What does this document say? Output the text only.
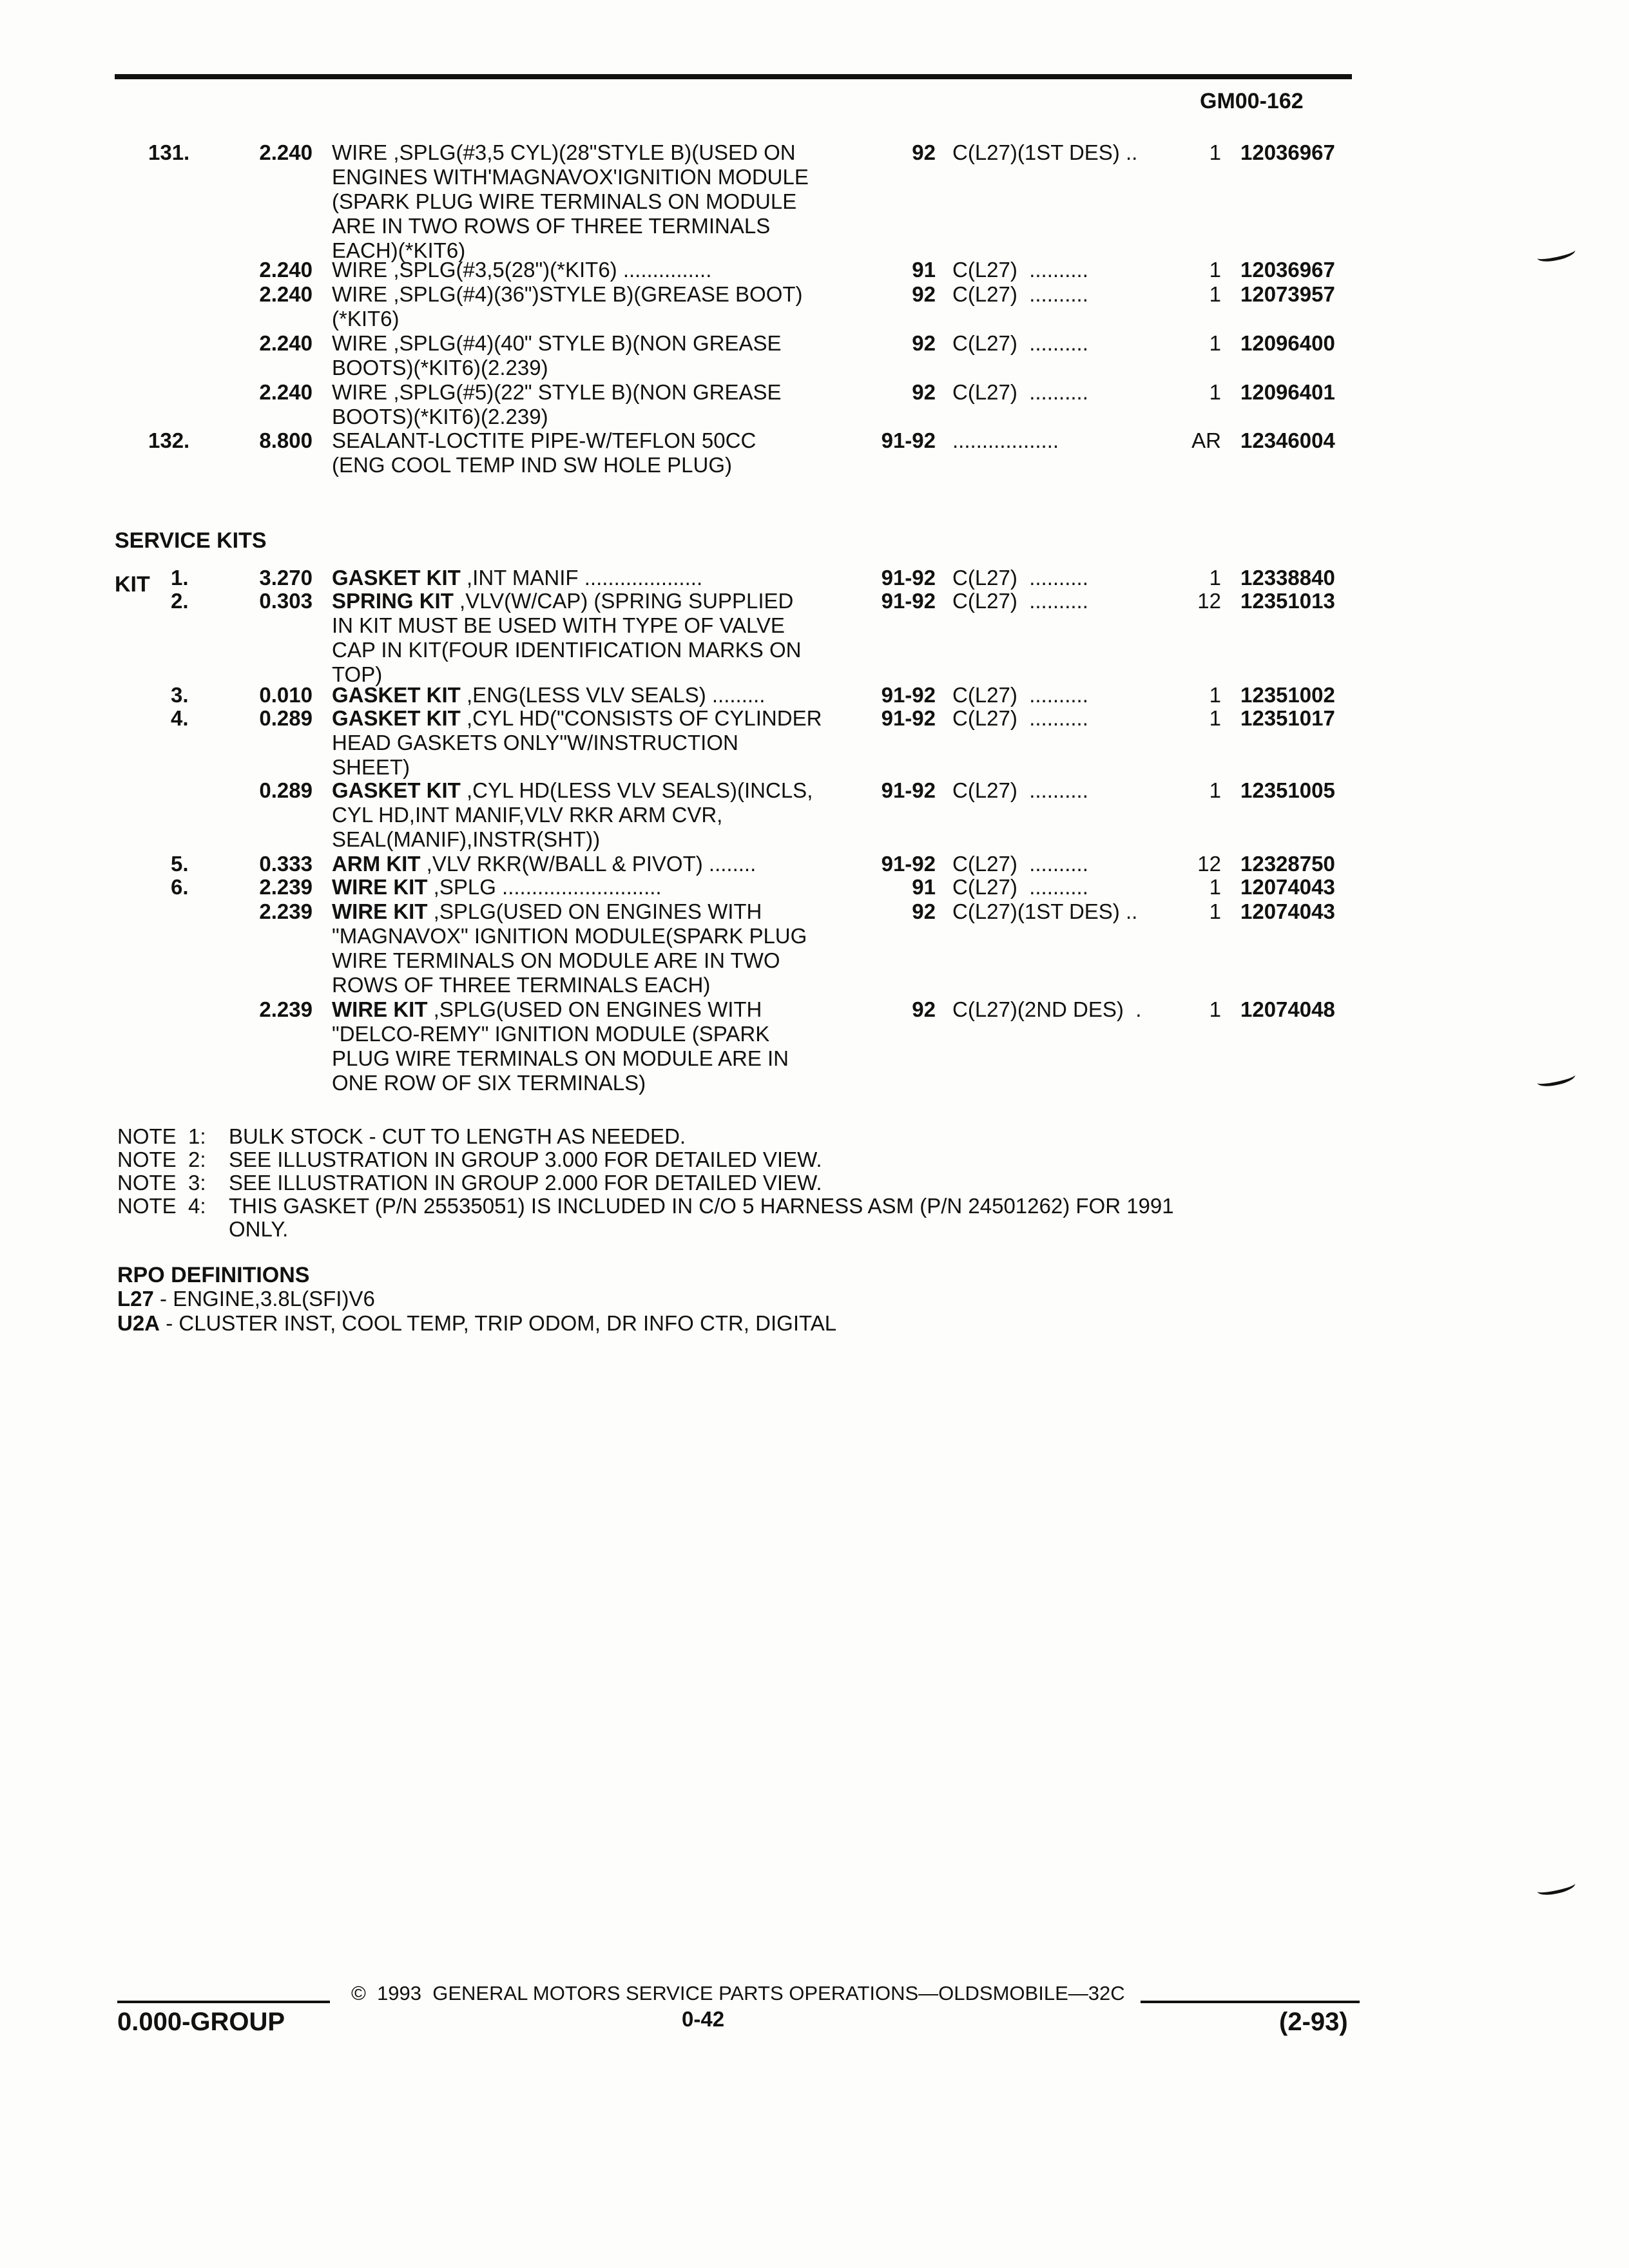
GM00-162
131.	2.240 WIRE ,SPLG(#3,5 CYL)(28"STYLE B)(USED ON
ENGINES WITH'MAGNAVOX'IGNITION MODULE
(SPARK PLUG WIRE TERMINALS ON MODULE
ARE IN TWO ROWS OF THREE TERMINALS
EACH)(*KIT6)
92 C(L27)(1ST DES) ..	1 12036967
2.240 WIRE ,SPLG(#3,5(28")(*KIT6) ...............	91 C(L27)  ..........	1 12036967
2.240 WIRE ,SPLG(#4)(36")STYLE B)(GREASE BOOT)
(*KIT6)
92 C(L27)  ..........	1 12073957
2.240 WIRE ,SPLG(#4)(40" STYLE B)(NON GREASE
BOOTS)(*KIT6)(2.239)
92 C(L27)  ..........	1 12096400
2.240 WIRE ,SPLG(#5)(22" STYLE B)(NON GREASE
BOOTS)(*KIT6)(2.239)
92 C(L27)  ..........	1 12096401
132.	8.800 SEALANT-LOCTITE PIPE-W/TEFLON 50CC
(ENG COOL TEMP IND SW HOLE PLUG)
91-92 ..................	AR 12346004
SERVICE KITS
KIT 1.	3.270 GASKET KIT ,INT MANIF ....................	91-92 C(L27)  ..........	1 12338840
2.	0.303 SPRING KIT ,VLV(W/CAP) (SPRING SUPPLIED
IN KIT MUST BE USED WITH TYPE OF VALVE
CAP IN KIT(FOUR IDENTIFICATION MARKS ON
TOP)
91-92 C(L27)  ..........	12 12351013
3.	0.010 GASKET KIT ,ENG(LESS VLV SEALS) .........	91-92 C(L27)  ..........	1 12351002
4.	0.289 GASKET KIT ,CYL HD("CONSISTS OF CYLINDER
HEAD GASKETS ONLY"W/INSTRUCTION
SHEET)
91-92 C(L27)  ..........	1 12351017
0.289 GASKET KIT ,CYL HD(LESS VLV SEALS)(INCLS,
CYL HD,INT MANIF,VLV RKR ARM CVR,
SEAL(MANIF),INSTR(SHT))
91-92 C(L27)  ..........	1 12351005
5.	0.333 ARM KIT ,VLV RKR(W/BALL & PIVOT) ........	91-92 C(L27)  ..........	12 12328750
6.	2.239 WIRE KIT ,SPLG ...........................	91 C(L27)  ..........	1 12074043
2.239 WIRE KIT ,SPLG(USED ON ENGINES WITH
"MAGNAVOX" IGNITION MODULE(SPARK PLUG
WIRE TERMINALS ON MODULE ARE IN TWO
ROWS OF THREE TERMINALS EACH)
92 C(L27)(1ST DES) ..	1 12074043
2.239 WIRE KIT ,SPLG(USED ON ENGINES WITH
"DELCO-REMY" IGNITION MODULE (SPARK
PLUG WIRE TERMINALS ON MODULE ARE IN
ONE ROW OF SIX TERMINALS)
92 C(L27)(2ND DES)  .	1 12074048
NOTE  1: BULK STOCK - CUT TO LENGTH AS NEEDED.
NOTE  2: SEE ILLUSTRATION IN GROUP 3.000 FOR DETAILED VIEW.
NOTE  3: SEE ILLUSTRATION IN GROUP 2.000 FOR DETAILED VIEW.
NOTE  4: THIS GASKET (P/N 25535051) IS INCLUDED IN C/O 5 HARNESS ASM (P/N 24501262) FOR 1991
ONLY.
RPO DEFINITIONS
L27 - ENGINE,3.8L(SFI)V6
U2A - CLUSTER INST, COOL TEMP, TRIP ODOM, DR INFO CTR, DIGITAL
©  1993  GENERAL MOTORS SERVICE PARTS OPERATIONS—OLDSMOBILE—32C
0.000-GROUP	0-42	(2-93)
